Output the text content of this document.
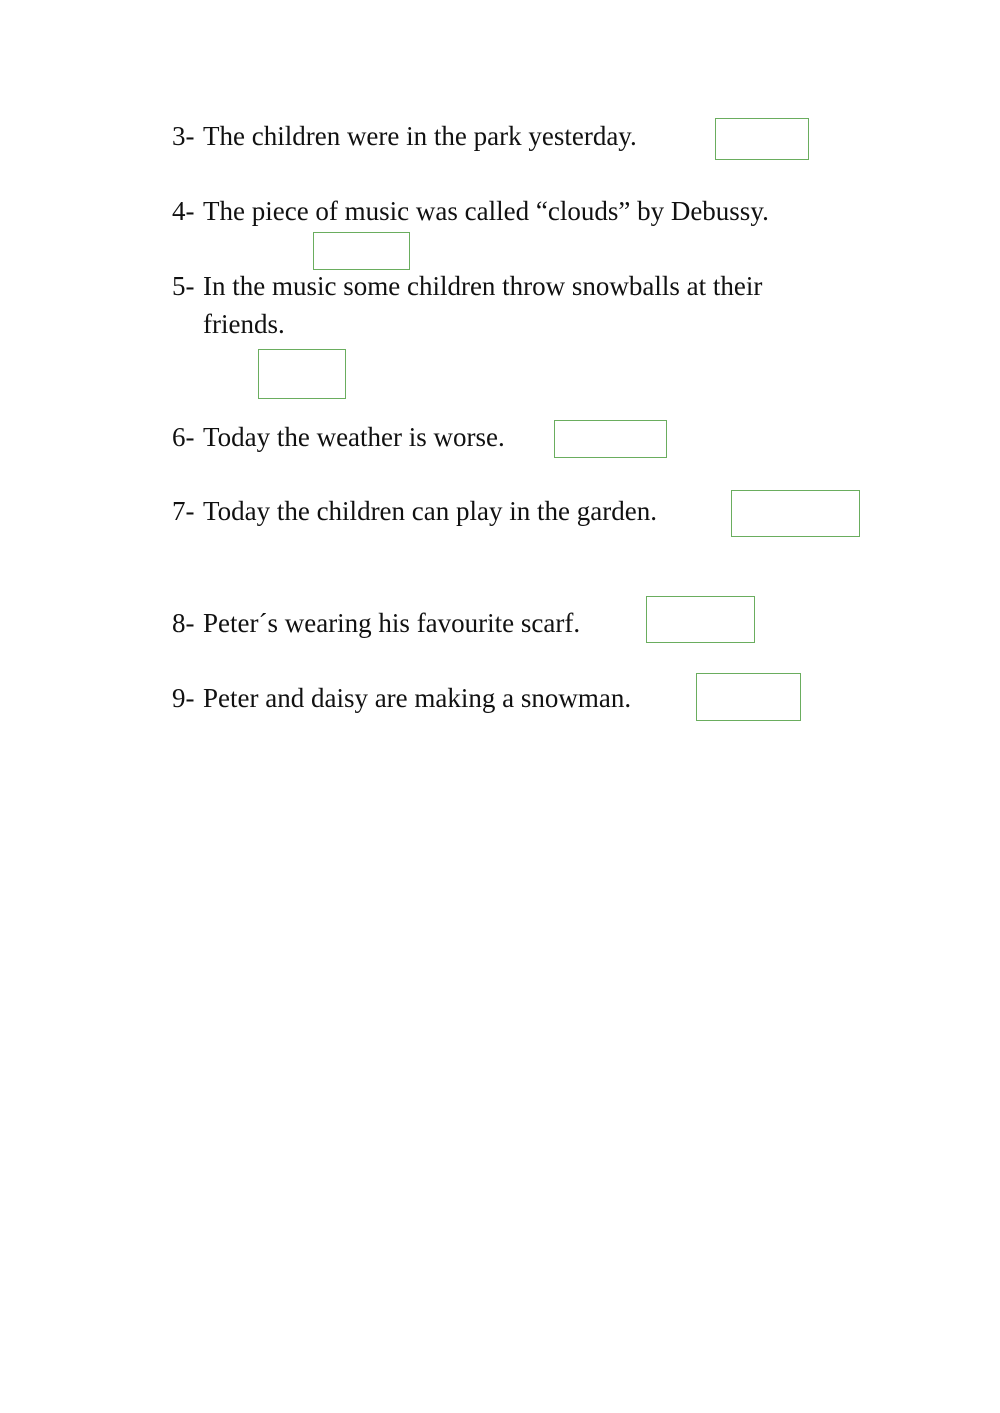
3- The children were in the park yesterday.
4- The piece of music was called “clouds” by Debussy.
5- In the music some children throw snowballs at their
friends.
6- Today the weather is worse.
7- Today the children can play in the garden.
8- Peter´s wearing his favourite scarf.
9- Peter and daisy are making a snowman.
